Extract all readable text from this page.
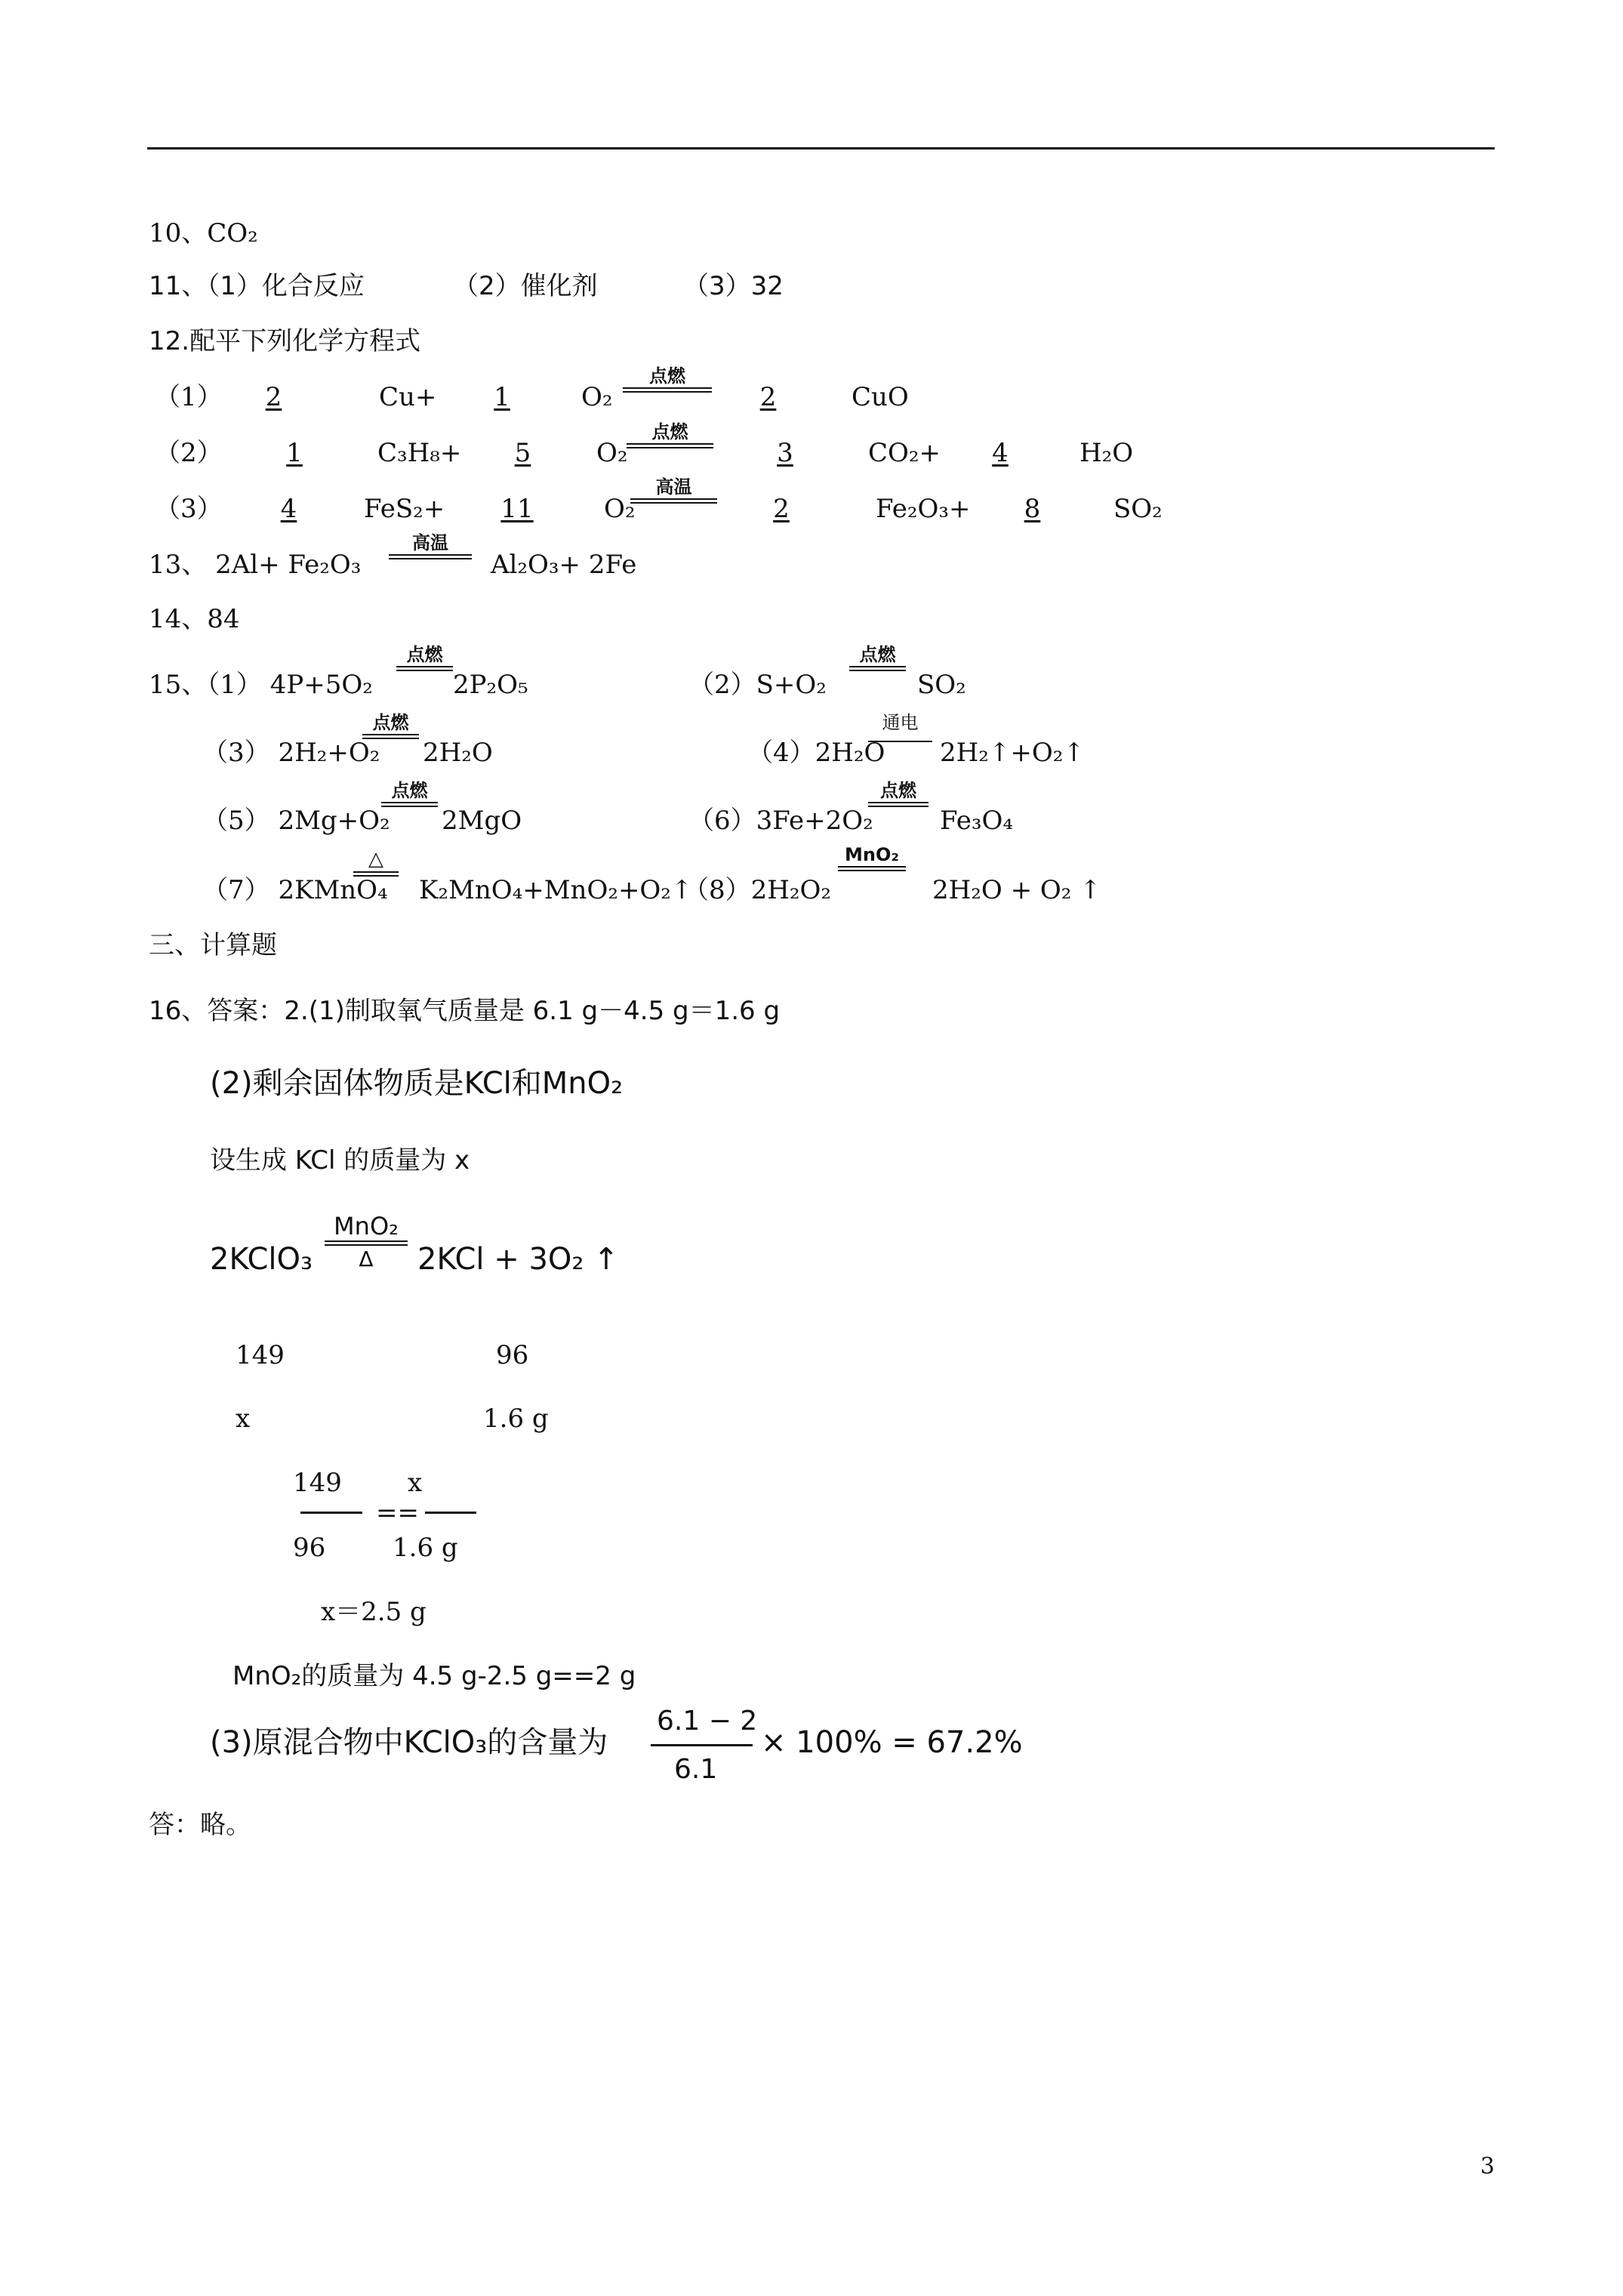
10、CO₂
11、（1）化合反应	（2）催化剂	（3）32
12.配平下列化学方程式
（1）	2	Cu+	1	O₂
点燃
2	CuO
（2）	1	C₃H₈+	5	O₂
点燃
3	CO₂+	4	H₂O
（3）	4	FeS₂+	11	O₂
高温
2	Fe₂O₃+	8	SO₂
13、 2Al+ Fe₂O₃
高温
Al₂O₃+ 2Fe
14、84
15、（1） 4P+5O₂
点燃
2P₂O₅	（2）S+O₂
点燃
SO₂
（3） 2H₂+O₂
点燃
2H₂O	（4）2H₂O
通电
2H₂↑+O₂↑
（5） 2Mg+O₂
点燃
2MgO	（6）3Fe+2O₂
点燃
Fe₃O₄
（7） 2KMnO₄
△
K₂MnO₄+MnO₂+O₂↑
（8）2H₂O₂
MnO₂
2H₂O + O₂ ↑
三、计算题
16、答案：2.(1)制取氧气质量是 6.1 g－4.5 g＝1.6 g
(2)剩余固体物质是KCl和MnO₂
设生成 KCl 的质量为 x
2KClO₃
MnO₂
Δ	2KCl + 3O₂ ↑
149	96
x	1.6 g
149
96
==
x
1.6 g
x＝2.5 g
MnO₂的质量为 4.5 g-2.5 g==2 g
(3)原混合物中KClO₃的含量为
6.1 − 2
6.1
× 100% = 67.2%
答：略。
3
